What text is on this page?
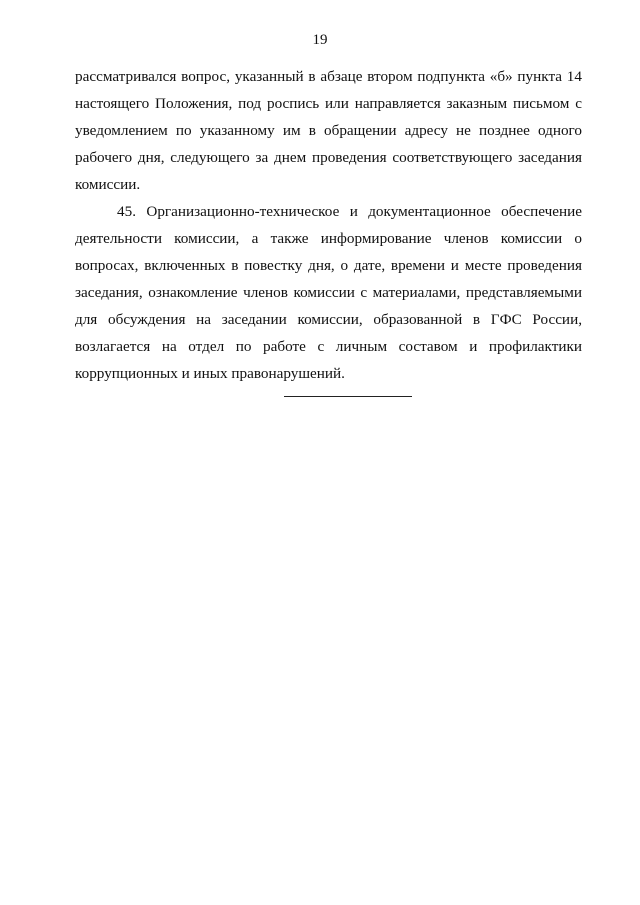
19

рассматривался вопрос, указанный в абзаце втором подпункта «б» пункта 14 настоящего Положения, под роспись или направляется заказным письмом с уведомлением по указанному им в обращении адресу не позднее одного рабочего дня, следующего за днем проведения соответствующего заседания комиссии.

45. Организационно-техническое и документационное обеспечение деятельности комиссии, а также информирование членов комиссии о вопросах, включенных в повестку дня, о дате, времени и месте проведения заседания, ознакомление членов комиссии с материалами, представляемыми для обсуждения на заседании комиссии, образованной в ГФС России, возлагается на отдел по работе с личным составом и профилактики коррупционных и иных правонарушений.
